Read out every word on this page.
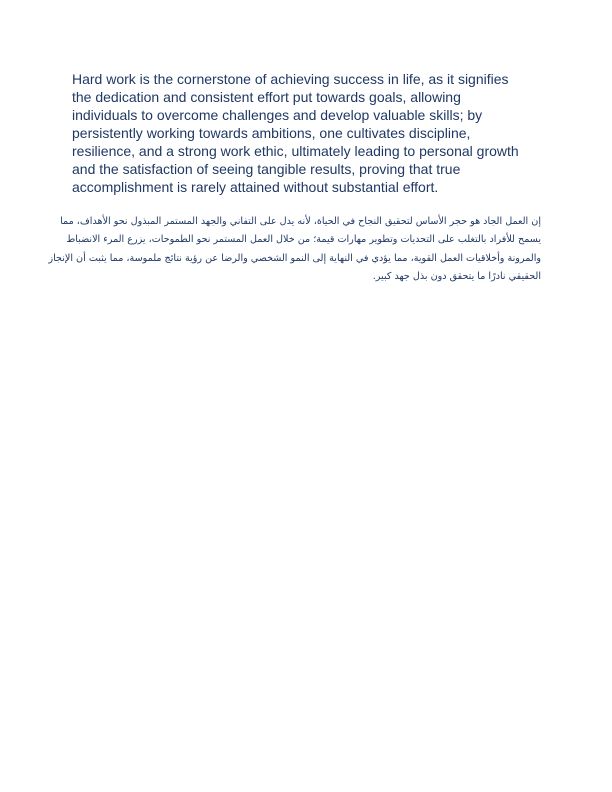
Hard work is the cornerstone of achieving success in life, as it signifies the dedication and consistent effort put towards goals, allowing individuals to overcome challenges and develop valuable skills; by persistently working towards ambitions, one cultivates discipline, resilience, and a strong work ethic, ultimately leading to personal growth and the satisfaction of seeing tangible results, proving that true accomplishment is rarely attained without substantial effort.

إن العمل الجاد هو حجر الأساس لتحقيق النجاح في الحياة، لأنه يدل على التفاني والجهد المستمر المبذول نحو الأهداف، مما يسمح للأفراد بالتغلب على التحديات وتطوير مهارات قيمة؛ من خلال العمل المستمر نحو الطموحات، يزرع المرء الانضباط والمرونة وأخلاقيات العمل القوية، مما يؤدي في النهاية إلى النمو الشخصي والرضا عن رؤية نتائج ملموسة، مما يثبت أن الإنجاز الحقيقي نادرًا ما يتحقق دون بذل جهد كبير.
